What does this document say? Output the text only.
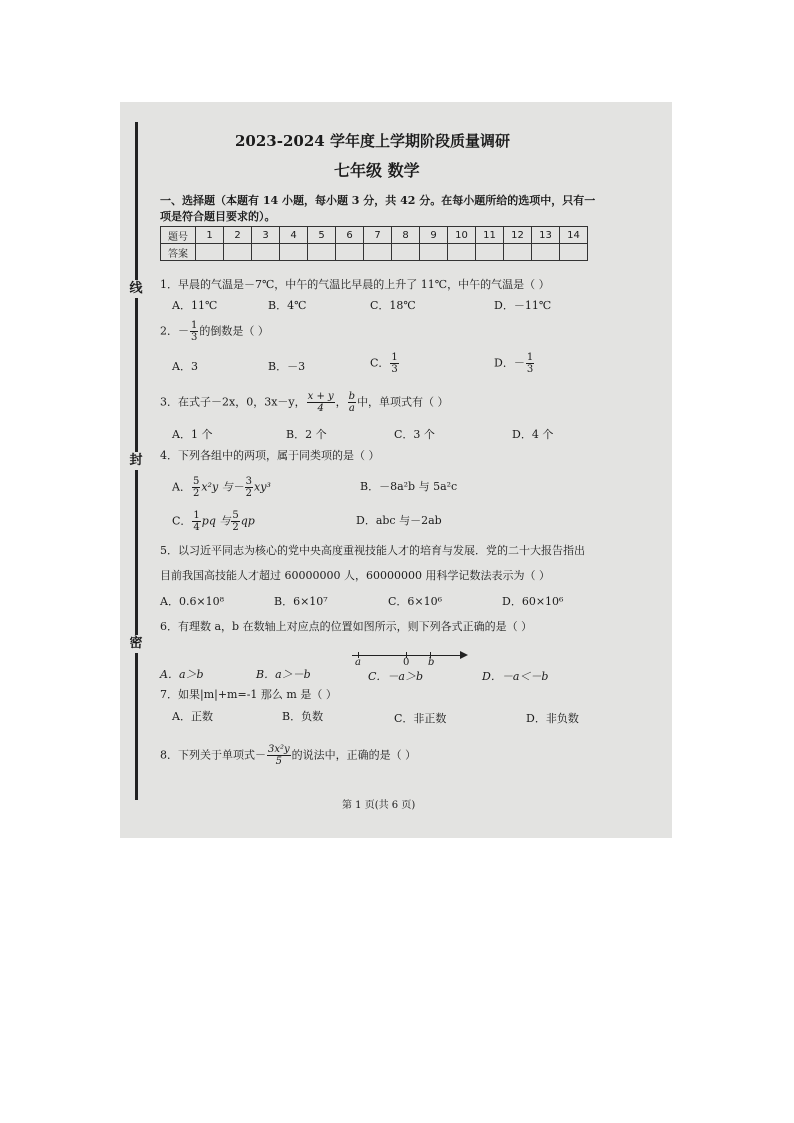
线
封
密
2023-2024 学年度上学期阶段质量调研
七年级 数学
一、选择题（本题有 14 小题，每小题 3 分，共 42 分。在每小题所给的选项中，只有一
项是符合题目要求的）。
题号	1	2	3	4	5	6	7	8	9	10	11	12	13	14
答案														
1．早晨的气温是－7℃，中午的气温比早晨的上升了 11℃，中午的气温是（ ）
A．11℃	B．4℃	C．18℃	D．－11℃
2．－ $\frac{1}{3}$ 的倒数是（ ）
A．3	B．－3	C． $\frac{1}{3}$	D．－ $\frac{1}{3}$
3．在式子－2x，0，3x－y， $\frac{x + y}{4}$ ， $\frac{b}{a}$ 中，单项式有（ ）
A．1 个	B．2 个	C．3 个	D．4 个
4．下列各组中的两项，属于同类项的是（ ）
A． $\frac{5}{2} x^2y$ 与－ $\frac{3}{2} xy^3$	B．－8a²b 与 5a²c
C． $\frac{1}{4}$ pq 与 $\frac{5}{2}$ qp	D．abc 与－2ab
5．以习近平同志为核心的党中央高度重视技能人才的培育与发展．党的二十大报告指出
目前我国高技能人才超过 60000000 人，60000000 用科学记数法表示为（ ）
A．0.6×10⁸	B．6×10⁷	C．6×10⁶	D．60×10⁶
6．有理数 a，b 在数轴上对应点的位置如图所示，则下列各式正确的是（ ）
a	0 b
A．a＞b	B．a＞－b	C．－a＞b	D．－a＜－b
7．如果|m|+m=-1 那么 m 是（ ）
A．正数	B．负数	C．非正数	D．非负数
8．下列关于单项式－ $\frac{\text{3x²y}}{5}$ 的说法中，正确的是（ ）
第 1 页(共 6 页)
